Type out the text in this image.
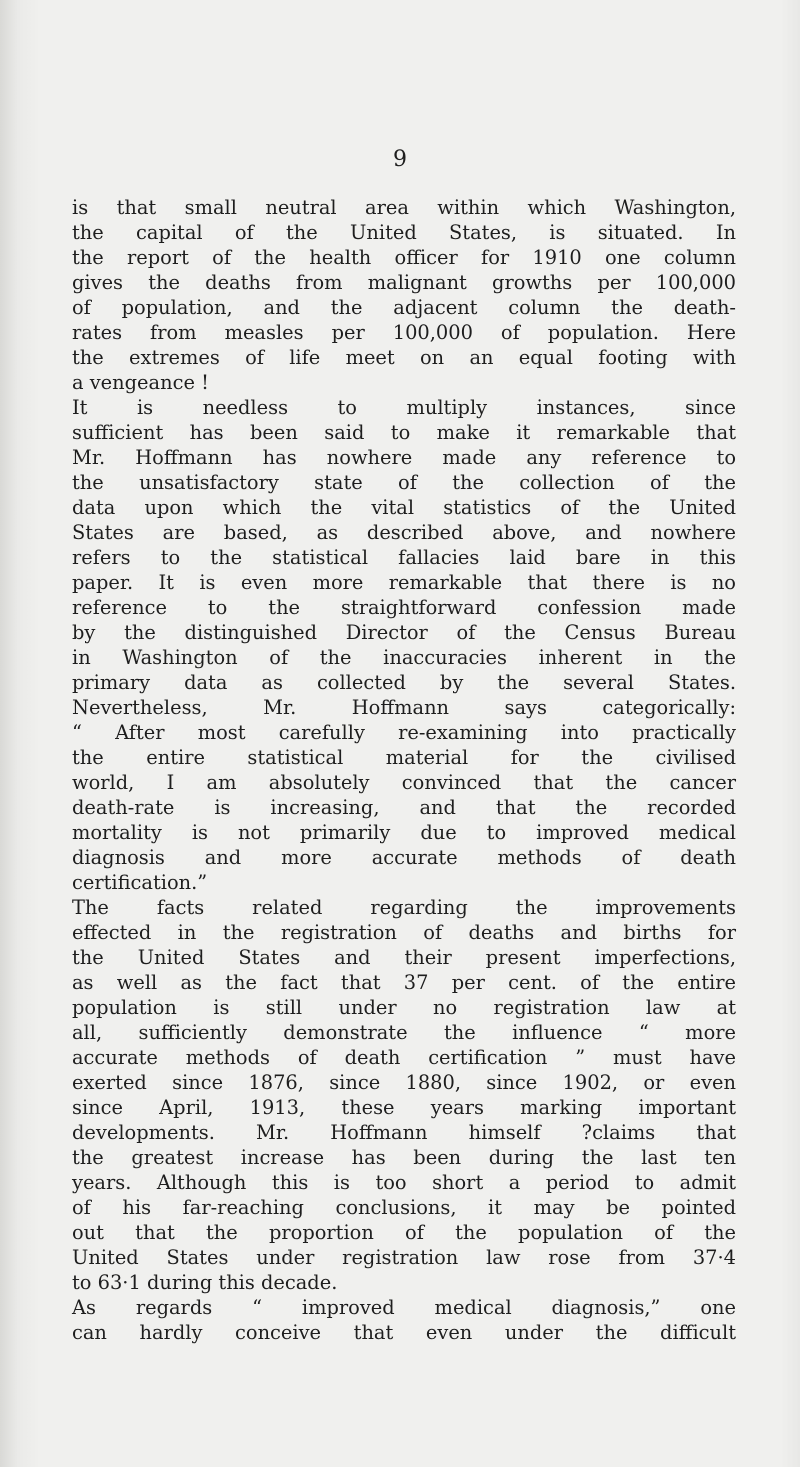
9
is that small neutral area within which Washington,
the capital of the United States, is situated. In
the report of the health officer for 1910 one column
gives the deaths from malignant growths per 100,000
of population, and the adjacent column the death-
rates from measles per 100,000 of population. Here
the extremes of life meet on an equal footing with
a vengeance !
It is needless to multiply instances, since
sufficient has been said to make it remarkable that
Mr. Hoffmann has nowhere made any reference to
the unsatisfactory state of the collection of the
data upon which the vital statistics of the United
States are based, as described above, and nowhere
refers to the statistical fallacies laid bare in this
paper. It is even more remarkable that there is no
reference to the straightforward confession made
by the distinguished Director of the Census Bureau
in Washington of the inaccuracies inherent in the
primary data as collected by the several States.
Nevertheless, Mr. Hoffmann says categorically:
“ After most carefully re-examining into practically
the entire statistical material for the civilised
world, I am absolutely convinced that the cancer
death-rate is increasing, and that the recorded
mortality is not primarily due to improved medical
diagnosis and more accurate methods of death
certification.”
The facts related regarding the improvements
effected in the registration of deaths and births for
the United States and their present imperfections,
as well as the fact that 37 per cent. of the entire
population is still under no registration law at
all, sufficiently demonstrate the influence “ more
accurate methods of death certification ” must have
exerted since 1876, since 1880, since 1902, or even
since April, 1913, these years marking important
developments. Mr. Hoffmann himself ?claims that
the greatest increase has been during the last ten
years. Although this is too short a period to admit
of his far-reaching conclusions, it may be pointed
out that the proportion of the population of the
United States under registration law rose from 37·4
to 63·1 during this decade.
As regards “ improved medical diagnosis,” one
can hardly conceive that even under the difficult
